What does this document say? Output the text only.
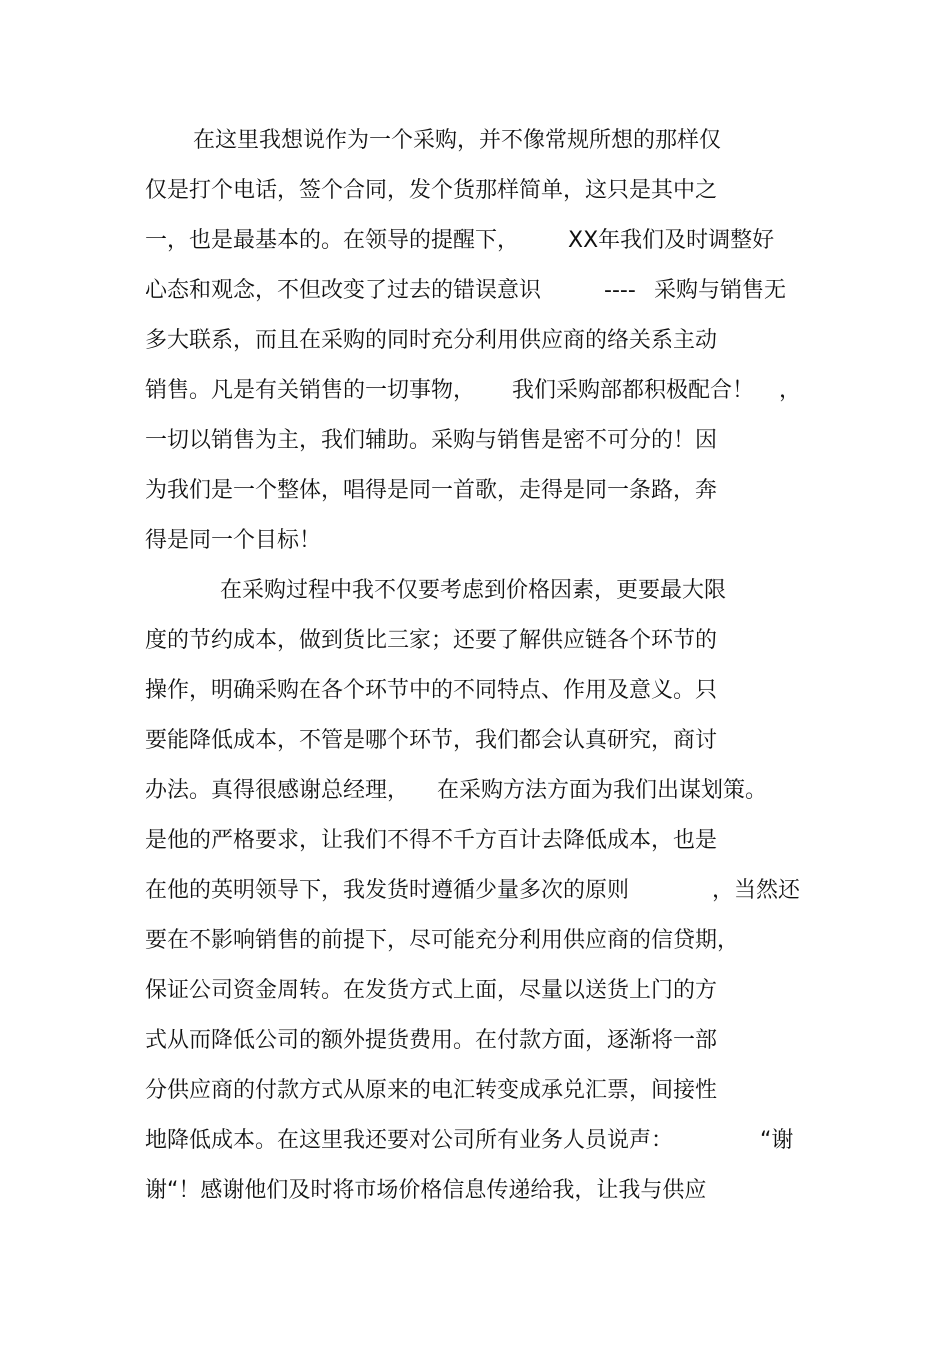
在这里我想说作为一个采购，并不像常规所想的那样仅
仅是打个电话，签个合同，发个货那样简单，这只是其中之
一，也是最基本的。在领导的提醒下， XX年我们及时调整好
心态和观念，不但改变了过去的错误意识	---- 采购与销售无
多大联系，而且在采购的同时充分利用供应商的络关系主动
销售。凡是有关销售的一切事物， 我们采购部都积极配合！ ，
一切以销售为主，我们辅助。采购与销售是密不可分的！因
为我们是一个整体，唱得是同一首歌，走得是同一条路，奔
得是同一个目标！
在采购过程中我不仅要考虑到价格因素，更要最大限
度的节约成本，做到货比三家；还要了解供应链各个环节的
操作，明确采购在各个环节中的不同特点、作用及意义。只
要能降低成本，不管是哪个环节，我们都会认真研究，商讨
办法。真得很感谢总经理， 在采购方法方面为我们出谋划策。
是他的严格要求，让我们不得不千方百计去降低成本，也是
在他的英明领导下，我发货时遵循少量多次的原则	，当然还
要在不影响销售的前提下，尽可能充分利用供应商的信贷期，
保证公司资金周转。在发货方式上面，尽量以送货上门的方
式从而降低公司的额外提货费用。在付款方面，逐渐将一部
分供应商的付款方式从原来的电汇转变成承兑汇票，间接性
地降低成本。在这里我还要对公司所有业务人员说声：	“谢
谢“！感谢他们及时将市场价格信息传递给我，让我与供应
